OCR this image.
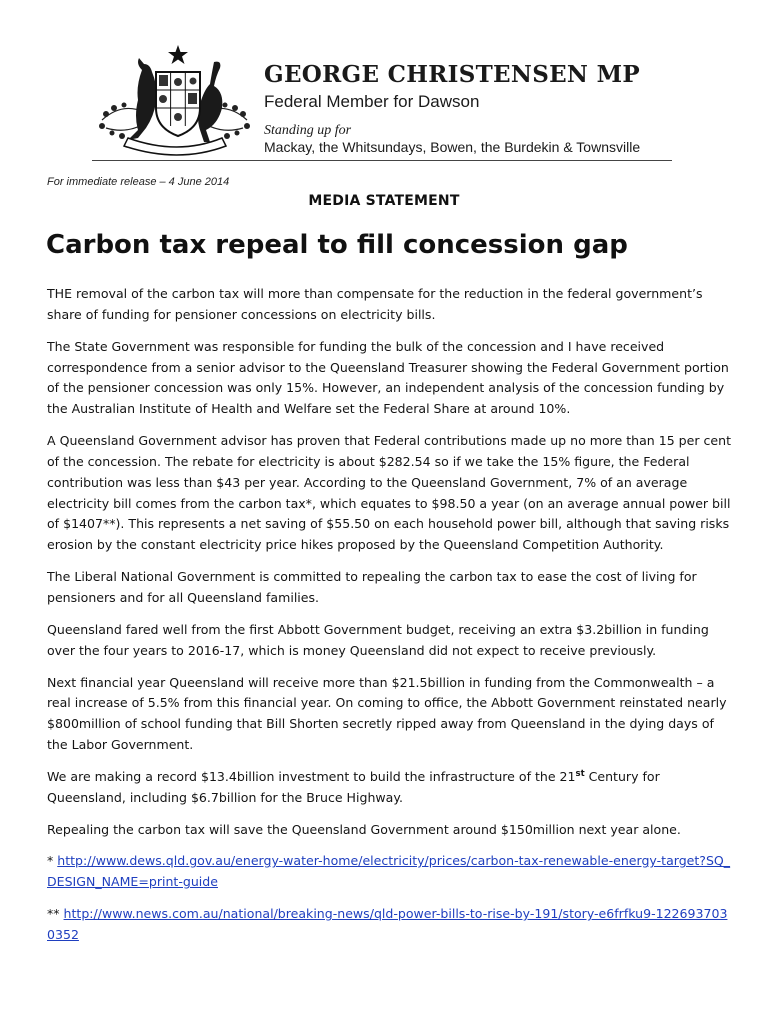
GEORGE CHRISTENSEN MP
Federal Member for Dawson
Standing up for
Mackay, the Whitsundays, Bowen, the Burdekin & Townsville
For immediate release – 4 June 2014
MEDIA STATEMENT
Carbon tax repeal to fill concession gap

THE removal of the carbon tax will more than compensate for the reduction in the federal government’s share of funding for pensioner concessions on electricity bills.

The State Government was responsible for funding the bulk of the concession and I have received correspondence from a senior advisor to the Queensland Treasurer showing the Federal Government portion of the pensioner concession was only 15%. However, an independent analysis of the concession funding by the Australian Institute of Health and Welfare set the Federal Share at around 10%.

A Queensland Government advisor has proven that Federal contributions made up no more than 15 per cent of the concession. The rebate for electricity is about $282.54 so if we take the 15% figure, the Federal contribution was less than $43 per year. According to the Queensland Government, 7% of an average electricity bill comes from the carbon tax*, which equates to $98.50 a year (on an average annual power bill of $1407**). This represents a net saving of $55.50 on each household power bill, although that saving risks erosion by the constant electricity price hikes proposed by the Queensland Competition Authority.

The Liberal National Government is committed to repealing the carbon tax to ease the cost of living for pensioners and for all Queensland families.

Queensland fared well from the first Abbott Government budget, receiving an extra $3.2billion in funding over the four years to 2016-17, which is money Queensland did not expect to receive previously.

Next financial year Queensland will receive more than $21.5billion in funding from the Commonwealth – a real increase of 5.5% from this financial year. On coming to office, the Abbott Government reinstated nearly $800million of school funding that Bill Shorten secretly ripped away from Queensland in the dying days of the Labor Government.

We are making a record $13.4billion investment to build the infrastructure of the 21st Century for Queensland, including $6.7billion for the Bruce Highway.

Repealing the carbon tax will save the Queensland Government around $150million next year alone.

* http://www.dews.qld.gov.au/energy-water-home/electricity/prices/carbon-tax-renewable-energy-target?SQ_DESIGN_NAME=print-guide

** http://www.news.com.au/national/breaking-news/qld-power-bills-to-rise-by-191/story-e6frfku9-1226937030352
